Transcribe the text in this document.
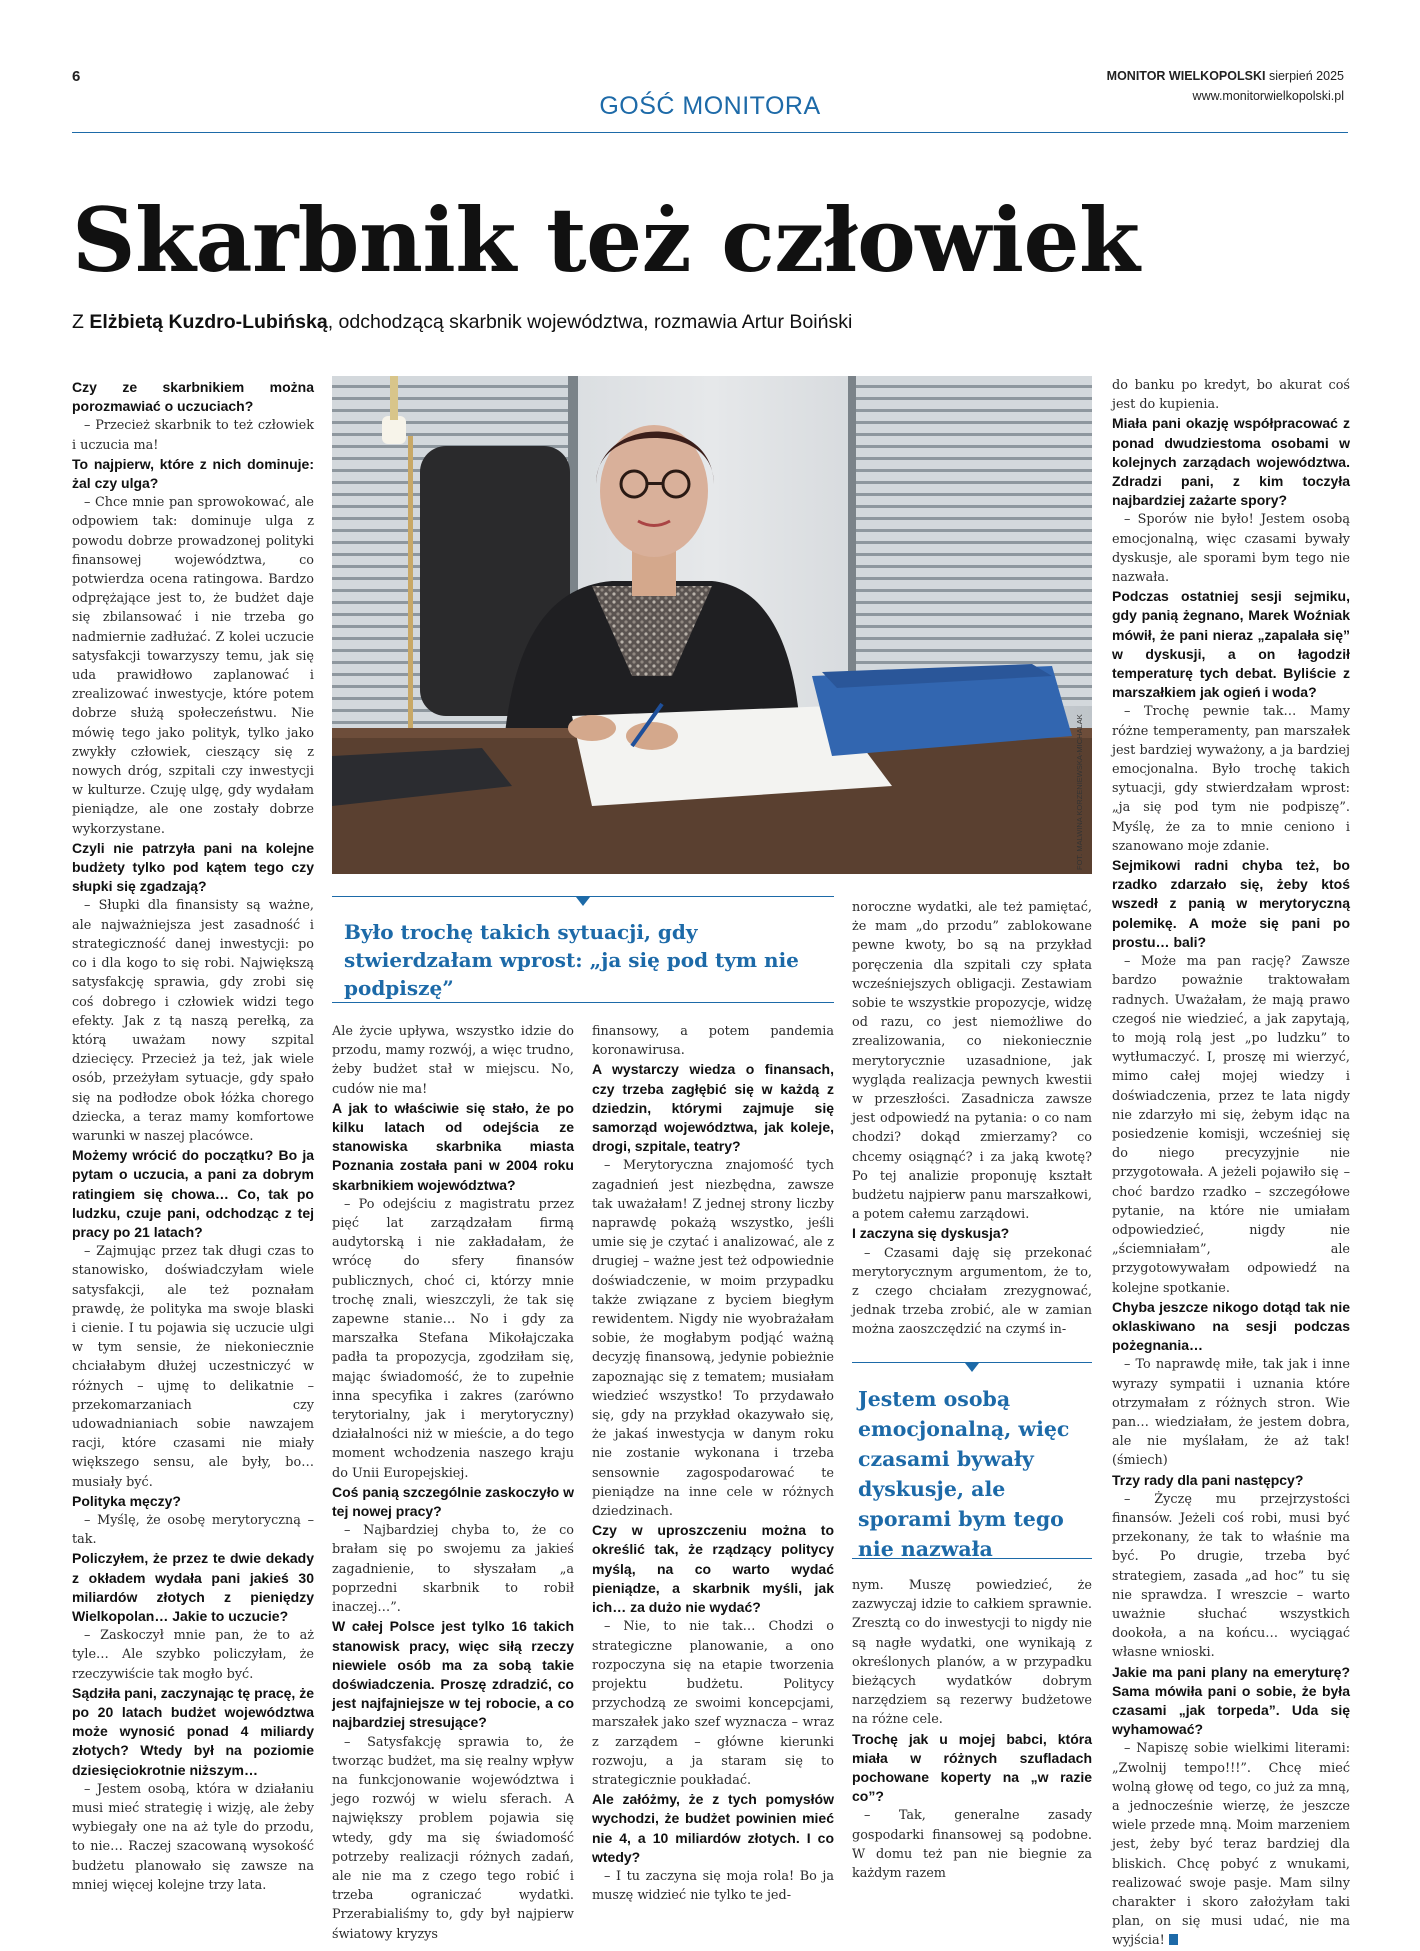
6	MONITOR WIELKOPOLSKI sierpień 2025
www.monitorwielkopolski.pl
GOŚĆ MONITORA
Skarbnik też człowiek
Z Elżbietą Kuzdro-Lubińską, odchodzącą skarbnik województwa, rozmawia Artur Boiński

Czy ze skarbnikiem można porozmawiać o uczuciach?

– Przecież skarbnik to też człowiek i uczucia ma!

To najpierw, które z nich dominuje: żal czy ulga?

– Chce mnie pan sprowokować, ale odpowiem tak: dominuje ulga z powodu dobrze prowadzonej polityki finansowej województwa, co potwierdza ocena ratingowa. Bardzo odprężające jest to, że budżet daje się zbilansować i nie trzeba go nadmiernie zadłużać. Z kolei uczucie satysfakcji towarzyszy temu, jak się uda prawidłowo zaplanować i zrealizować inwestycje, które potem dobrze służą społeczeństwu. Nie mówię tego jako polityk, tylko jako zwykły człowiek, cieszący się z nowych dróg, szpitali czy inwestycji w kulturze. Czuję ulgę, gdy wydałam pieniądze, ale one zostały dobrze wykorzystane.

Czyli nie patrzyła pani na kolejne budżety tylko pod kątem tego czy słupki się zgadzają?

– Słupki dla finansisty są ważne, ale najważniejsza jest zasadność i strategiczność danej inwestycji: po co i dla kogo to się robi. Największą satysfakcję sprawia, gdy zrobi się coś dobrego i człowiek widzi tego efekty. Jak z tą naszą perełką, za którą uważam nowy szpital dziecięcy. Przecież ja też, jak wiele osób, przeżyłam sytuacje, gdy spało się na podłodze obok łóżka chorego dziecka, a teraz mamy komfortowe warunki w naszej placówce.

Możemy wrócić do początku? Bo ja pytam o uczucia, a pani za dobrym ratingiem się chowa… Co, tak po ludzku, czuje pani, odchodząc z tej pracy po 21 latach?

– Zajmując przez tak długi czas to stanowisko, doświadczyłam wiele satysfakcji, ale też poznałam prawdę, że polityka ma swoje blaski i cienie. I tu pojawia się uczucie ulgi w tym sensie, że niekoniecznie chciałabym dłużej uczestniczyć w różnych – ujmę to delikatnie – przekomarzaniach czy udowadnianiach sobie nawzajem racji, które czasami nie miały większego sensu, ale były, bo… musiały być.

Polityka męczy?

– Myślę, że osobę merytoryczną – tak.

Policzyłem, że przez te dwie dekady z okładem wydała pani jakieś 30 miliardów złotych z pieniędzy Wielkopolan… Jakie to uczucie?

– Zaskoczył mnie pan, że to aż tyle… Ale szybko policzyłam, że rzeczywiście tak mogło być.

Sądziła pani, zaczynając tę pracę, że po 20 latach budżet województwa może wynosić ponad 4 miliardy złotych? Wtedy był na poziomie dziesięciokrotnie niższym…

– Jestem osobą, która w działaniu musi mieć strategię i wizję, ale żeby wybiegały one na aż tyle do przodu, to nie… Raczej szacowaną wysokość budżetu planowało się zawsze na mniej więcej kolejne trzy lata.

Ale życie upływa, wszystko idzie do przodu, mamy rozwój, a więc trudno, żeby budżet stał w miejscu. No, cudów nie ma!

A jak to właściwie się stało, że po kilku latach od odejścia ze stanowiska skarbnika miasta Poznania została pani w 2004 roku skarbnikiem województwa?

– Po odejściu z magistratu przez pięć lat zarządzałam firmą audytorską i nie zakładałam, że wrócę do sfery finansów publicznych, choć ci, którzy mnie trochę znali, wieszczyli, że tak się zapewne stanie… No i gdy za marszałka Stefana Mikołajczaka padła ta propozycja, zgodziłam się, mając świadomość, że to zupełnie inna specyfika i zakres (zarówno terytorialny, jak i merytoryczny) działalności niż w mieście, a do tego moment wchodzenia naszego kraju do Unii Europejskiej.

Coś panią szczególnie zaskoczyło w tej nowej pracy?

– Najbardziej chyba to, że co brałam się po swojemu za jakieś zagadnienie, to słyszałam „a poprzedni skarbnik to robił inaczej…”.

W całej Polsce jest tylko 16 takich stanowisk pracy, więc siłą rzeczy niewiele osób ma za sobą takie doświadczenia. Proszę zdradzić, co jest najfajniejsze w tej robocie, a co najbardziej stresujące?

– Satysfakcję sprawia to, że tworząc budżet, ma się realny wpływ na funkcjonowanie województwa i jego rozwój w wielu sferach. A największy problem pojawia się wtedy, gdy ma się świadomość potrzeby realizacji różnych zadań, ale nie ma z czego tego robić i trzeba ograniczać wydatki. Przerabialiśmy to, gdy był najpierw światowy kryzys

finansowy, a potem pandemia koronawirusa.

A wystarczy wiedza o finansach, czy trzeba zagłębić się w każdą z dziedzin, którymi zajmuje się samorząd województwa, jak koleje, drogi, szpitale, teatry?

– Merytoryczna znajomość tych zagadnień jest niezbędna, zawsze tak uważałam! Z jednej strony liczby naprawdę pokażą wszystko, jeśli umie się je czytać i analizować, ale z drugiej – ważne jest też odpowiednie doświadczenie, w moim przypadku także związane z byciem biegłym rewidentem. Nigdy nie wyobrażałam sobie, że mogłabym podjąć ważną decyzję finansową, jedynie pobieżnie zapoznając się z tematem; musiałam wiedzieć wszystko! To przydawało się, gdy na przykład okazywało się, że jakaś inwestycja w danym roku nie zostanie wykonana i trzeba sensownie zagospodarować te pieniądze na inne cele w różnych dziedzinach.

Czy w uproszczeniu można to określić tak, że rządzący politycy myślą, na co warto wydać pieniądze, a skarbnik myśli, jak ich… za dużo nie wydać?

– Nie, to nie tak… Chodzi o strategiczne planowanie, a ono rozpoczyna się na etapie tworzenia projektu budżetu. Politycy przychodzą ze swoimi koncepcjami, marszałek jako szef wyznacza – wraz z zarządem – główne kierunki rozwoju, a ja staram się to strategicznie poukładać.

Ale załóżmy, że z tych pomysłów wychodzi, że budżet powinien mieć nie 4, a 10 miliardów złotych. I co wtedy?

– I tu zaczyna się moja rola! Bo ja muszę widzieć nie tylko te jed-

noroczne wydatki, ale też pamiętać, że mam „do przodu” zablokowane pewne kwoty, bo są na przykład poręczenia dla szpitali czy spłata wcześniejszych obligacji. Zestawiam sobie te wszystkie propozycje, widzę od razu, co jest niemożliwe do zrealizowania, co niekoniecznie merytorycznie uzasadnione, jak wygląda realizacja pewnych kwestii w przeszłości. Zasadnicza zawsze jest odpowiedź na pytania: o co nam chodzi? dokąd zmierzamy? co chcemy osiągnąć? i za jaką kwotę? Po tej analizie proponuję kształt budżetu najpierw panu marszałkowi, a potem całemu zarządowi.

I zaczyna się dyskusja?

– Czasami daję się przekonać merytorycznym argumentom, że to, z czego chciałam zrezygnować, jednak trzeba zrobić, ale w zamian można zaoszczędzić na czymś in-

nym. Muszę powiedzieć, że zazwyczaj idzie to całkiem sprawnie. Zresztą co do inwestycji to nigdy nie są nagłe wydatki, one wynikają z określonych planów, a w przypadku bieżących wydatków dobrym narzędziem są rezerwy budżetowe na różne cele.

Trochę jak u mojej babci, która miała w różnych szufladach pochowane koperty na „w razie co”?

– Tak, generalne zasady gospodarki finansowej są podobne. W domu też pan nie biegnie za każdym razem

do banku po kredyt, bo akurat coś jest do kupienia.

Miała pani okazję współpracować z ponad dwudziestoma osobami w kolejnych zarządach województwa. Zdradzi pani, z kim toczyła najbardziej zażarte spory?

– Sporów nie było! Jestem osobą emocjonalną, więc czasami bywały dyskusje, ale sporami bym tego nie nazwała.

Podczas ostatniej sesji sejmiku, gdy panią żegnano, Marek Woźniak mówił, że pani nieraz „zapalała się” w dyskusji, a on łagodził temperaturę tych debat. Byliście z marszałkiem jak ogień i woda?

– Trochę pewnie tak… Mamy różne temperamenty, pan marszałek jest bardziej wyważony, a ja bardziej emocjonalna. Było trochę takich sytuacji, gdy stwierdzałam wprost: „ja się pod tym nie podpiszę”. Myślę, że za to mnie ceniono i szanowano moje zdanie.

Sejmikowi radni chyba też, bo rzadko zdarzało się, żeby ktoś wszedł z panią w merytoryczną polemikę. A może się pani po prostu… bali?

– Może ma pan rację? Zawsze bardzo poważnie traktowałam radnych. Uważałam, że mają prawo czegoś nie wiedzieć, a jak zapytają, to moją rolą jest „po ludzku” to wytłumaczyć. I, proszę mi wierzyć, mimo całej mojej wiedzy i doświadczenia, przez te lata nigdy nie zdarzyło mi się, żebym idąc na posiedzenie komisji, wcześniej się do niego precyzyjnie nie przygotowała. A jeżeli pojawiło się – choć bardzo rzadko – szczegółowe pytanie, na które nie umiałam odpowiedzieć, nigdy nie „ściemniałam”, ale przygotowywałam odpowiedź na kolejne spotkanie.

Chyba jeszcze nikogo dotąd tak nie oklaskiwano na sesji podczas pożegnania…

– To naprawdę miłe, tak jak i inne wyrazy sympatii i uznania które otrzymałam z różnych stron. Wie pan… wiedziałam, że jestem dobra, ale nie myślałam, że aż tak! (śmiech)

Trzy rady dla pani następcy?

– Życzę mu przejrzystości finansów. Jeżeli coś robi, musi być przekonany, że tak to właśnie ma być. Po drugie, trzeba być strategiem, zasada „ad hoc” tu się nie sprawdza. I wreszcie – warto uważnie słuchać wszystkich dookoła, a na końcu… wyciągać własne wnioski.

Jakie ma pani plany na emeryturę? Sama mówiła pani o sobie, że była czasami „jak torpeda”. Uda się wyhamować?

– Napiszę sobie wielkimi literami: „Zwolnij tempo!!!”. Chcę mieć wolną głowę od tego, co już za mną, a jednocześnie wierzę, że jeszcze wiele przede mną. Moim marzeniem jest, żeby być teraz bardziej dla bliskich. Chcę pobyć z wnukami, realizować swoje pasje. Mam silny charakter i skoro założyłam taki plan, on się musi udać, nie ma wyjścia!

FOT. MALWINA KORZENIEWSKA-MICHALAK
Było trochę takich sytuacji, gdy stwierdzałam wprost: „ja się pod tym nie podpiszę”
Jestem osobą emocjonalną, więc czasami bywały dyskusje, ale sporami bym tego nie nazwała
